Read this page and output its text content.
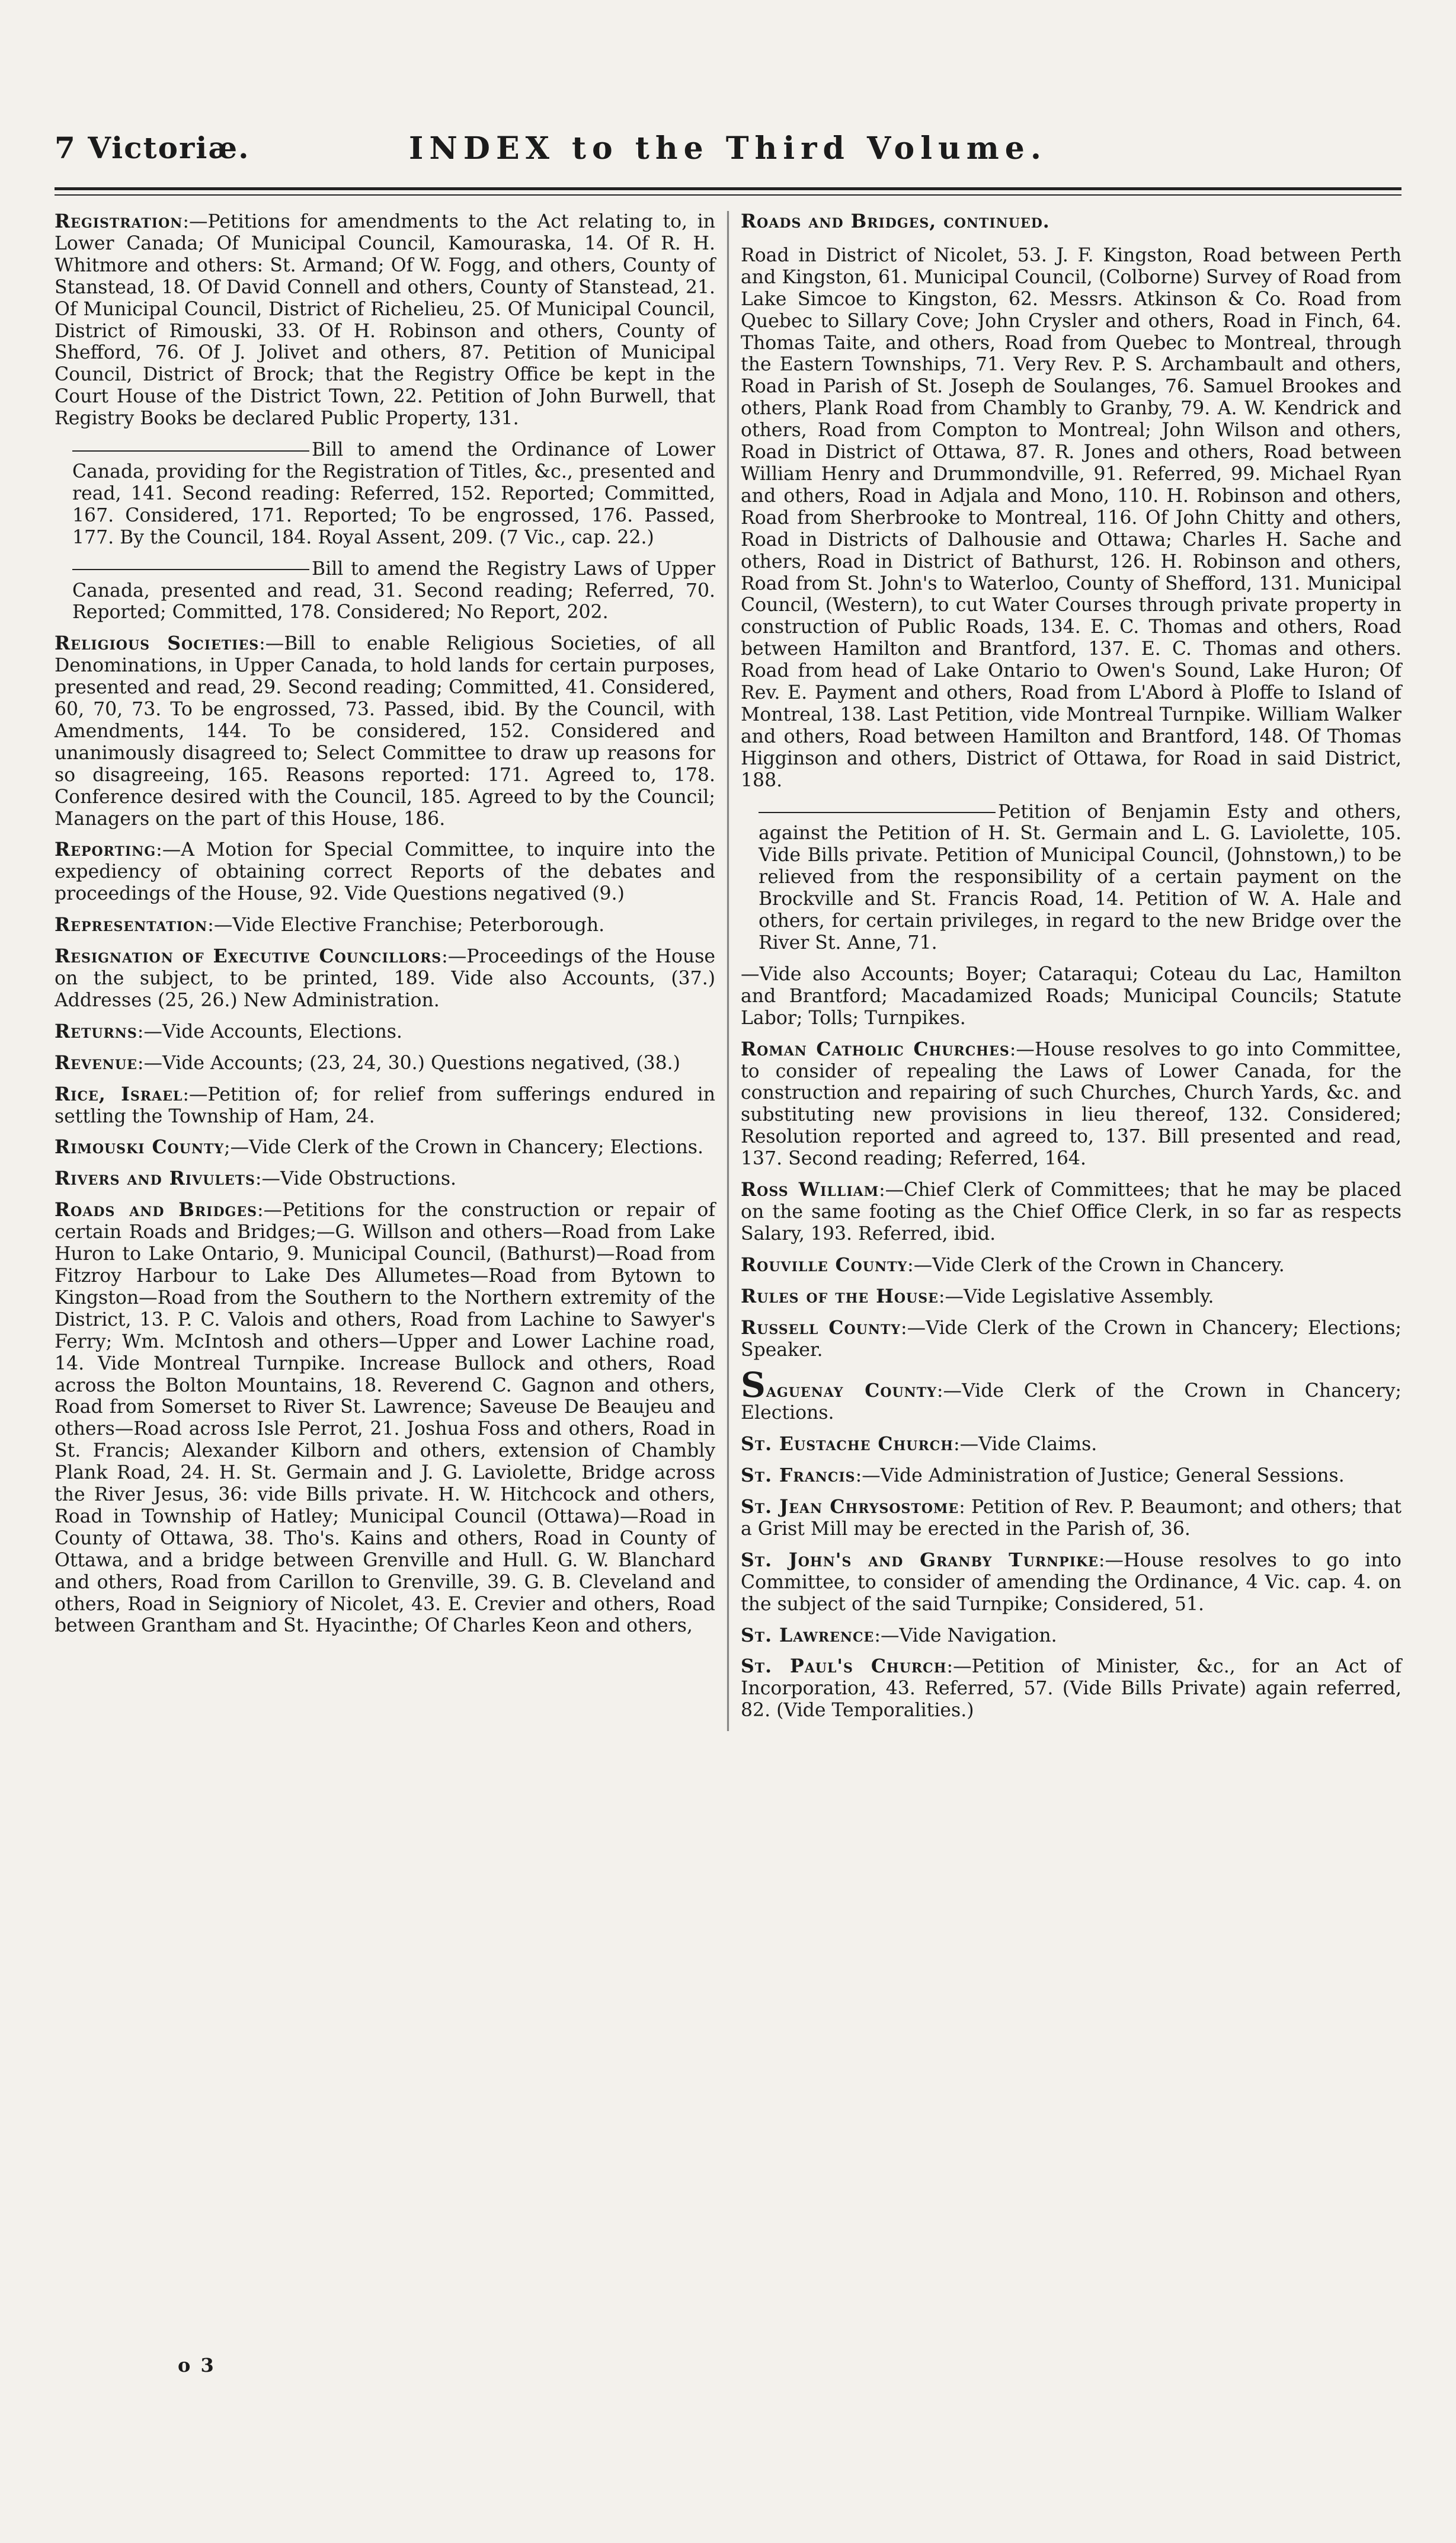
7 Victoriæ.	INDEX to the Third Volume.
Registration:—Petitions for amendments to the Act relating to, in Lower Canada; Of Municipal Council, Kamouraska, 14. Of R. H. Whitmore and others: St. Armand; Of W. Fogg, and others, County of Stanstead, 18. Of David Connell and others, County of Stanstead, 21. Of Municipal Council, District of Richelieu, 25. Of Municipal Council, District of Rimouski, 33. Of H. Robinson and others, County of Shefford, 76. Of J. Jolivet and others, 87. Petition of Municipal Council, District of Brock; that the Registry Office be kept in the Court House of the District Town, 22. Petition of John Burwell, that Registry Books be declared Public Property, 131.
Bill to amend the Ordinance of Lower Canada, providing for the Registration of Titles, &c., presented and read, 141. Second reading: Referred, 152. Reported; Committed, 167. Considered, 171. Reported; To be engrossed, 176. Passed, 177. By the Council, 184. Royal Assent, 209. (7 Vic., cap. 22.)
Bill to amend the Registry Laws of Upper Canada, presented and read, 31. Second reading; Referred, 70. Reported; Committed, 178. Considered; No Report, 202.
Religious Societies:—Bill to enable Religious Societies, of all Denominations, in Upper Canada, to hold lands for certain purposes, presented and read, 29. Second reading; Committed, 41. Considered, 60, 70, 73. To be engrossed, 73. Passed, ibid. By the Council, with Amendments, 144. To be considered, 152. Considered and unanimously disagreed to; Select Committee to draw up reasons for so disagreeing, 165. Reasons reported: 171. Agreed to, 178. Conference desired with the Council, 185. Agreed to by the Council; Managers on the part of this House, 186.
Reporting:—A Motion for Special Committee, to inquire into the expediency of obtaining correct Reports of the debates and proceedings of the House, 92. Vide Questions negatived (9.)
Representation:—Vide Elective Franchise; Peterborough.
Resignation of Executive Councillors:—Proceedings of the House on the subject, to be printed, 189. Vide also Accounts, (37.) Addresses (25, 26.) New Administration.
Returns:—Vide Accounts, Elections.
Revenue:—Vide Accounts; (23, 24, 30.) Questions negatived, (38.)
Rice, Israel:—Petition of; for relief from sufferings endured in settling the Township of Ham, 24.
Rimouski County;—Vide Clerk of the Crown in Chancery; Elections.
Rivers and Rivulets:—Vide Obstructions.
Roads and Bridges:—Petitions for the construction or repair of certain Roads and Bridges;—G. Willson and others—Road from Lake Huron to Lake Ontario, 9. Municipal Council, (Bathurst)—Road from Fitzroy Harbour to Lake Des Allumetes—Road from Bytown to Kingston—Road from the Southern to the Northern extremity of the District, 13. P. C. Valois and others, Road from Lachine to Sawyer's Ferry; Wm. McIntosh and others—Upper and Lower Lachine road, 14. Vide Montreal Turnpike. Increase Bullock and others, Road across the Bolton Mountains, 18. Reverend C. Gagnon and others, Road from Somerset to River St. Lawrence; Saveuse De Beaujeu and others—Road across Isle Perrot, 21. Joshua Foss and others, Road in St. Francis; Alexander Kilborn and others, extension of Chambly Plank Road, 24. H. St. Germain and J. G. Laviolette, Bridge across the River Jesus, 36: vide Bills private. H. W. Hitchcock and others, Road in Township of Hatley; Municipal Council (Ottawa)—Road in County of Ottawa, 38. Tho's. Kains and others, Road in County of Ottawa, and a bridge between Grenville and Hull. G. W. Blanchard and others, Road from Carillon to Grenville, 39. G. B. Cleveland and others, Road in Seigniory of Nicolet, 43. E. Crevier and others, Road between Grantham and St. Hyacinthe; Of Charles Keon and others,
Roads and Bridges, continued.
Road in District of Nicolet, 53. J. F. Kingston, Road between Perth and Kingston, 61. Municipal Council, (Colborne) Survey of Road from Lake Simcoe to Kingston, 62. Messrs. Atkinson & Co. Road from Quebec to Sillary Cove; John Crysler and others, Road in Finch, 64. Thomas Taite, and others, Road from Quebec to Montreal, through the Eastern Townships, 71. Very Rev. P. S. Archambault and others, Road in Parish of St. Joseph de Soulanges, 76. Samuel Brookes and others, Plank Road from Chambly to Granby, 79. A. W. Kendrick and others, Road from Compton to Montreal; John Wilson and others, Road in District of Ottawa, 87. R. Jones and others, Road between William Henry and Drummondville, 91. Referred, 99. Michael Ryan and others, Road in Adjala and Mono, 110. H. Robinson and others, Road from Sherbrooke to Montreal, 116. Of John Chitty and others, Road in Districts of Dalhousie and Ottawa; Charles H. Sache and others, Road in District of Bathurst, 126. H. Robinson and others, Road from St. John's to Waterloo, County of Shefford, 131. Municipal Council, (Western), to cut Water Courses through private property in construction of Public Roads, 134. E. C. Thomas and others, Road between Hamilton and Brantford, 137. E. C. Thomas and others. Road from head of Lake Ontario to Owen's Sound, Lake Huron; Of Rev. E. Payment and others, Road from L'Abord à Ploffe to Island of Montreal, 138. Last Petition, vide Montreal Turnpike. William Walker and others, Road between Hamilton and Brantford, 148. Of Thomas Higginson and others, District of Ottawa, for Road in said District, 188.
Petition of Benjamin Esty and others, against the Petition of H. St. Germain and L. G. Laviolette, 105. Vide Bills private. Petition of Municipal Council, (Johnstown,) to be relieved from the responsibility of a certain payment on the Brockville and St. Francis Road, 14. Petition of W. A. Hale and others, for certain privileges, in regard to the new Bridge over the River St. Anne, 71.
—Vide also Accounts; Boyer; Cataraqui; Coteau du Lac, Hamilton and Brantford; Macadamized Roads; Municipal Councils; Statute Labor; Tolls; Turnpikes.
Roman Catholic Churches:—House resolves to go into Committee, to consider of repealing the Laws of Lower Canada, for the construction and repairing of such Churches, Church Yards, &c. and substituting new provisions in lieu thereof, 132. Considered; Resolution reported and agreed to, 137. Bill presented and read, 137. Second reading; Referred, 164.
Ross William:—Chief Clerk of Committees; that he may be placed on the same footing as the Chief Office Clerk, in so far as respects Salary, 193. Referred, ibid.
Rouville County:—Vide Clerk of the Crown in Chancery.
Rules of the House:—Vide Legislative Assembly.
Russell County:—Vide Clerk of the Crown in Chancery; Elections; Speaker.
Saguenay County:—Vide Clerk of the Crown in Chancery; Elections.
St. Eustache Church:—Vide Claims.
St. Francis:—Vide Administration of Justice; General Sessions.
St. Jean Chrysostome: Petition of Rev. P. Beaumont; and others; that a Grist Mill may be erected in the Parish of, 36.
St. John's and Granby Turnpike:—House resolves to go into Committee, to consider of amending the Ordinance, 4 Vic. cap. 4. on the subject of the said Turnpike; Considered, 51.
St. Lawrence:—Vide Navigation.
St. Paul's Church:—Petition of Minister, &c., for an Act of Incorporation, 43. Referred, 57. (Vide Bills Private) again referred, 82. (Vide Temporalities.)
o 3
